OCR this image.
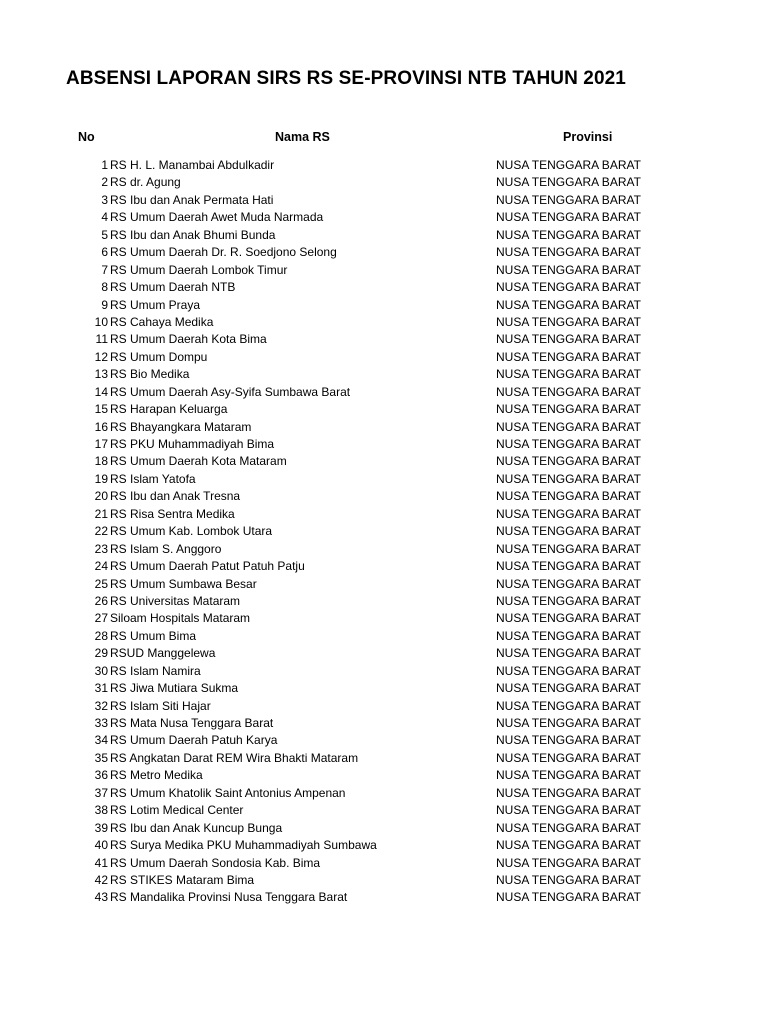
ABSENSI LAPORAN SIRS RS SE-PROVINSI NTB TAHUN 2021
No	Nama RS	Provinsi
1 RS H. L. Manambai Abdulkadir	NUSA TENGGARA BARAT
2 RS dr. Agung	NUSA TENGGARA BARAT
3 RS Ibu dan Anak Permata Hati	NUSA TENGGARA BARAT
4 RS Umum Daerah Awet Muda Narmada	NUSA TENGGARA BARAT
5 RS Ibu dan Anak Bhumi Bunda	NUSA TENGGARA BARAT
6 RS Umum Daerah Dr. R. Soedjono Selong	NUSA TENGGARA BARAT
7 RS Umum Daerah Lombok Timur	NUSA TENGGARA BARAT
8 RS Umum Daerah NTB	NUSA TENGGARA BARAT
9 RS Umum Praya	NUSA TENGGARA BARAT
10 RS Cahaya Medika	NUSA TENGGARA BARAT
11 RS Umum Daerah Kota Bima	NUSA TENGGARA BARAT
12 RS Umum Dompu	NUSA TENGGARA BARAT
13 RS Bio Medika	NUSA TENGGARA BARAT
14 RS Umum Daerah Asy-Syifa Sumbawa Barat	NUSA TENGGARA BARAT
15 RS Harapan Keluarga	NUSA TENGGARA BARAT
16 RS Bhayangkara Mataram	NUSA TENGGARA BARAT
17 RS PKU Muhammadiyah Bima	NUSA TENGGARA BARAT
18 RS Umum Daerah Kota Mataram	NUSA TENGGARA BARAT
19 RS Islam Yatofa	NUSA TENGGARA BARAT
20 RS Ibu dan Anak Tresna	NUSA TENGGARA BARAT
21 RS Risa Sentra Medika	NUSA TENGGARA BARAT
22 RS Umum Kab. Lombok Utara	NUSA TENGGARA BARAT
23 RS Islam S. Anggoro	NUSA TENGGARA BARAT
24 RS Umum Daerah Patut Patuh Patju	NUSA TENGGARA BARAT
25 RS Umum Sumbawa Besar	NUSA TENGGARA BARAT
26 RS Universitas Mataram	NUSA TENGGARA BARAT
27 Siloam Hospitals Mataram	NUSA TENGGARA BARAT
28 RS Umum Bima	NUSA TENGGARA BARAT
29 RSUD Manggelewa	NUSA TENGGARA BARAT
30 RS Islam Namira	NUSA TENGGARA BARAT
31 RS Jiwa Mutiara Sukma	NUSA TENGGARA BARAT
32 RS Islam Siti Hajar	NUSA TENGGARA BARAT
33 RS Mata Nusa Tenggara Barat	NUSA TENGGARA BARAT
34 RS Umum Daerah Patuh Karya	NUSA TENGGARA BARAT
35 RS Angkatan Darat REM Wira Bhakti Mataram	NUSA TENGGARA BARAT
36 RS Metro Medika	NUSA TENGGARA BARAT
37 RS Umum Khatolik Saint Antonius Ampenan	NUSA TENGGARA BARAT
38 RS Lotim Medical Center	NUSA TENGGARA BARAT
39 RS Ibu dan Anak Kuncup Bunga	NUSA TENGGARA BARAT
40 RS Surya Medika PKU Muhammadiyah Sumbawa	NUSA TENGGARA BARAT
41 RS Umum Daerah Sondosia Kab. Bima	NUSA TENGGARA BARAT
42 RS STIKES Mataram Bima	NUSA TENGGARA BARAT
43 RS Mandalika Provinsi Nusa Tenggara Barat	NUSA TENGGARA BARAT
